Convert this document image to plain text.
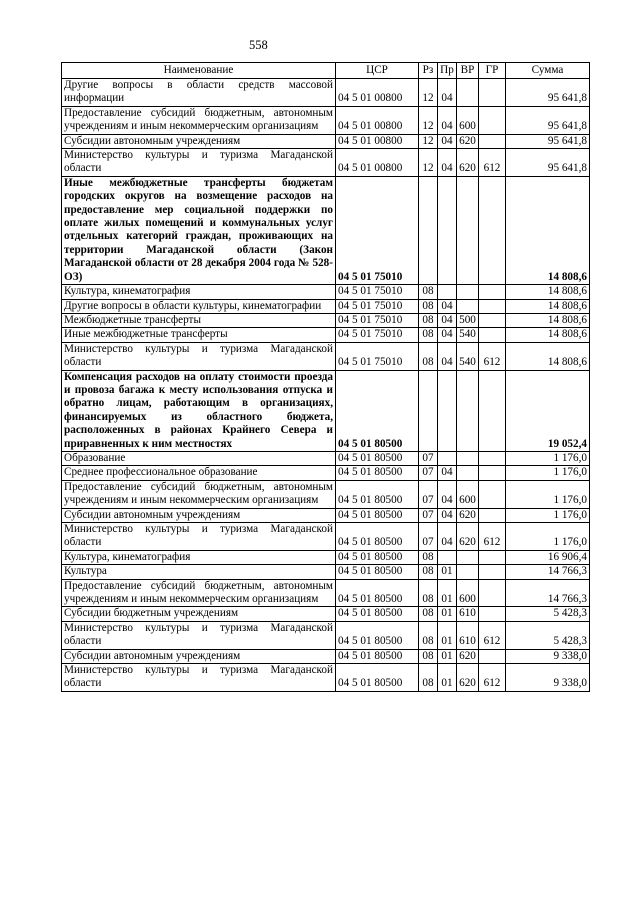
558
Наименование	ЦСР	Рз	Пр	ВР	ГР	Сумма
Другие вопросы в области средств массовой информации	04 5 01 00800	12	04			95 641,8
Предоставление субсидий бюджетным, автономным учреждениям и иным некоммерческим организациям	04 5 01 00800	12	04	600		95 641,8
Субсидии автономным учреждениям	04 5 01 00800	12	04	620		95 641,8
Министерство культуры и туризма Магаданской области	04 5 01 00800	12	04	620	612	95 641,8
Иные межбюджетные трансферты бюджетам городских округов на возмещение расходов на предоставление мер социальной поддержки по оплате жилых помещений и коммунальных услуг отдельных категорий граждан, проживающих на территории Магаданской области (Закон Магаданской области от 28 декабря 2004 года № 528-ОЗ)	04 5 01 75010					14 808,6
Культура, кинематография	04 5 01 75010	08				14 808,6
Другие вопросы в области культуры, кинематографии	04 5 01 75010	08	04			14 808,6
Межбюджетные трансферты	04 5 01 75010	08	04	500		14 808,6
Иные межбюджетные трансферты	04 5 01 75010	08	04	540		14 808,6
Министерство культуры и туризма Магаданской области	04 5 01 75010	08	04	540	612	14 808,6
Компенсация расходов на оплату стоимости проезда и провоза багажа к месту использования отпуска и обратно лицам, работающим в организациях, финансируемых из областного бюджета, расположенных в районах Крайнего Севера и приравненных к ним местностях	04 5 01 80500					19 052,4
Образование	04 5 01 80500	07				1 176,0
Среднее профессиональное образование	04 5 01 80500	07	04			1 176,0
Предоставление субсидий бюджетным, автономным учреждениям и иным некоммерческим организациям	04 5 01 80500	07	04	600		1 176,0
Субсидии автономным учреждениям	04 5 01 80500	07	04	620		1 176,0
Министерство культуры и туризма Магаданской области	04 5 01 80500	07	04	620	612	1 176,0
Культура, кинематография	04 5 01 80500	08				16 906,4
Культура	04 5 01 80500	08	01			14 766,3
Предоставление субсидий бюджетным, автономным учреждениям и иным некоммерческим организациям	04 5 01 80500	08	01	600		14 766,3
Субсидии бюджетным учреждениям	04 5 01 80500	08	01	610		5 428,3
Министерство культуры и туризма Магаданской области	04 5 01 80500	08	01	610	612	5 428,3
Субсидии автономным учреждениям	04 5 01 80500	08	01	620		9 338,0
Министерство культуры и туризма Магаданской области	04 5 01 80500	08	01	620	612	9 338,0
